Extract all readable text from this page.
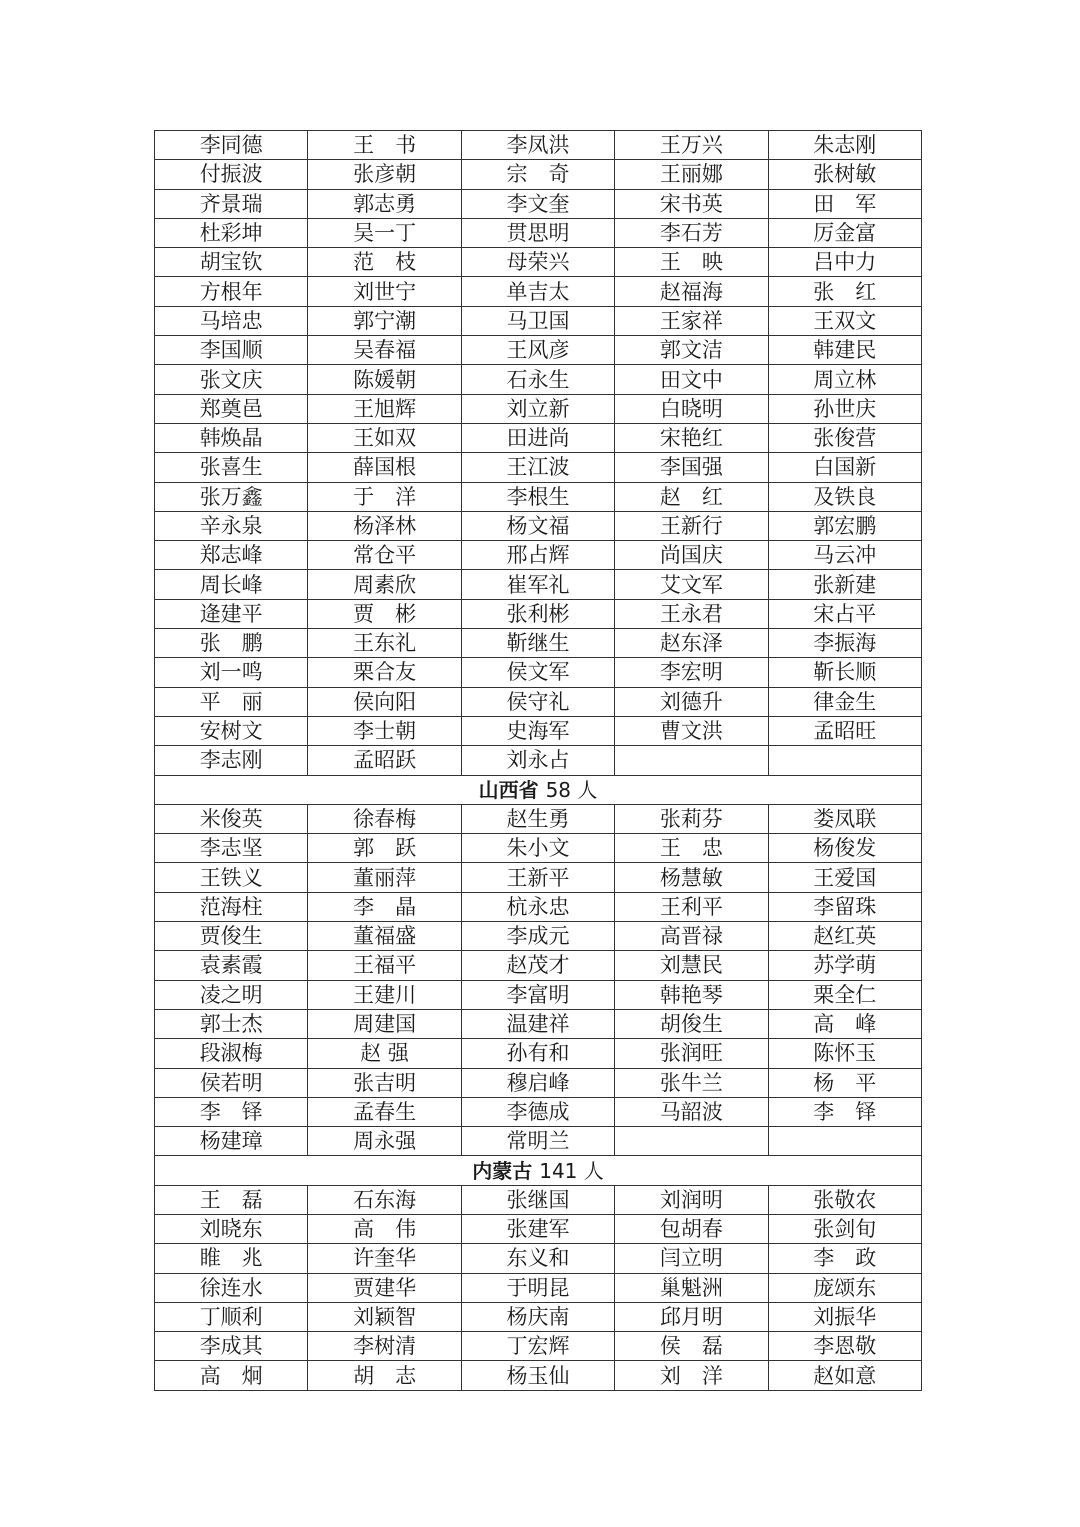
李同德	王　书	李凤洪	王万兴	朱志刚
付振波	张彦朝	宗　奇	王丽娜	张树敏
齐景瑞	郭志勇	李文奎	宋书英	田　军
杜彩坤	吴一丁	贯思明	李石芳	厉金富
胡宝钦	范　枝	母荣兴	王　映	吕中力
方根年	刘世宁	单吉太	赵福海	张　红
马培忠	郭宁潮	马卫国	王家祥	王双文
李国顺	吴春福	王风彦	郭文洁	韩建民
张文庆	陈媛朝	石永生	田文中	周立林
郑奠邑	王旭辉	刘立新	白晓明	孙世庆
韩焕晶	王如双	田进尚	宋艳红	张俊营
张喜生	薛国根	王江波	李国强	白国新
张万鑫	于　洋	李根生	赵　红	及铁良
辛永泉	杨泽林	杨文福	王新行	郭宏鹏
郑志峰	常仓平	邢占辉	尚国庆	马云冲
周长峰	周素欣	崔军礼	艾文军	张新建
逄建平	贾　彬	张利彬	王永君	宋占平
张　鹏	王东礼	靳继生	赵东泽	李振海
刘一鸣	栗合友	侯文军	李宏明	靳长顺
平　丽	侯向阳	侯守礼	刘德升	律金生
安树文	李士朝	史海军	曹文洪	孟昭旺
李志刚	孟昭跃	刘永占		
山西省 58 人				
米俊英	徐春梅	赵生勇	张莉芬	娄凤联
李志坚	郭　跃	朱小文	王　忠	杨俊发
王铁义	董丽萍	王新平	杨慧敏	王爱国
范海柱	李　晶	杭永忠	王利平	李留珠
贾俊生	董福盛	李成元	高晋禄	赵红英
袁素霞	王福平	赵茂才	刘慧民	苏学萌
凌之明	王建川	李富明	韩艳琴	栗全仁
郭士杰	周建国	温建祥	胡俊生	高　峰
段淑梅	赵 强	孙有和	张润旺	陈怀玉
侯若明	张吉明	穆启峰	张牛兰	杨　平
李　铎	孟春生	李德成	马韶波	李　铎
杨建璋	周永强	常明兰		
内蒙古 141 人				
王　磊	石东海	张继国	刘润明	张敬农
刘晓东	高　伟	张建军	包胡春	张剑旬
睢　兆	许奎华	东义和	闫立明	李　政
徐连水	贾建华	于明昆	巢魁洲	庞颂东
丁顺利	刘颖智	杨庆南	邱月明	刘振华
李成其	李树清	丁宏辉	侯　磊	李恩敬
高　炯	胡　志	杨玉仙	刘　洋	赵如意
